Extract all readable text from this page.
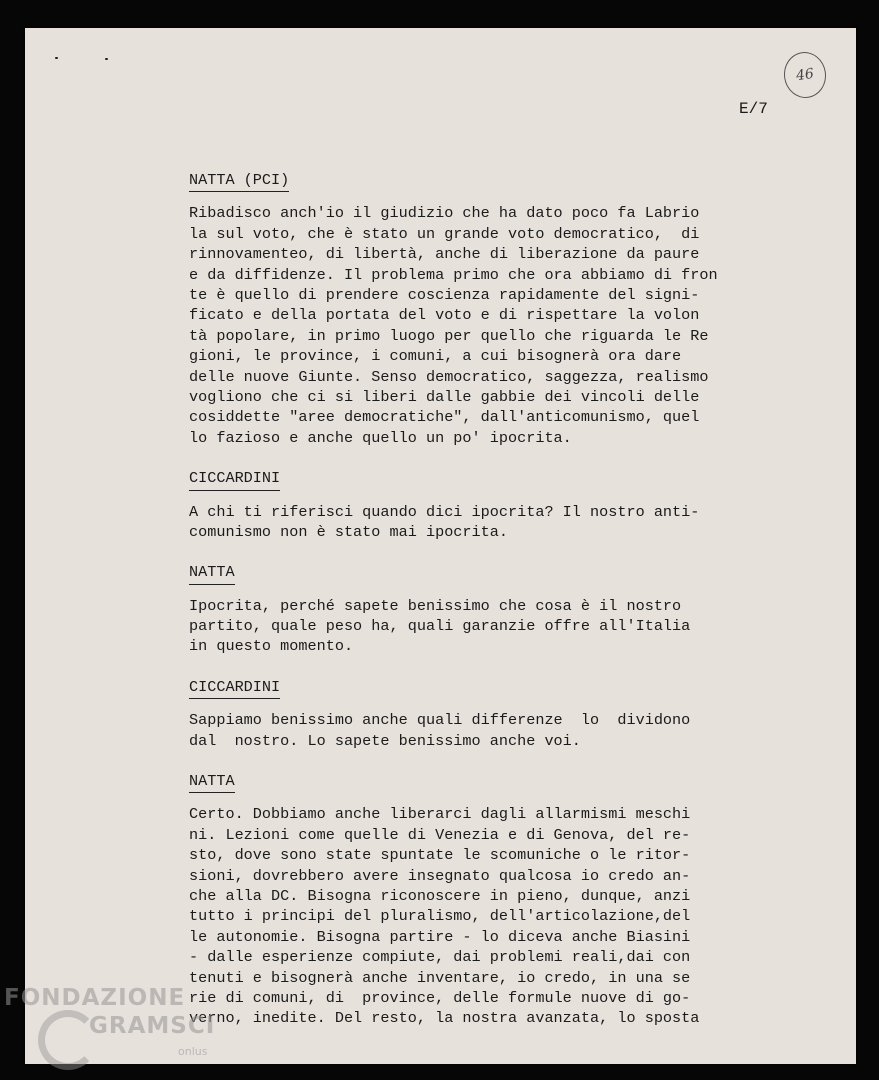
46
E/7
NATTA (PCI)
Ribadisco anch'io il giudizio che ha dato poco fa Labrio
la sul voto, che è stato un grande voto democratico,  di
rinnovamenteo, di libertà, anche di liberazione da paure
e da diffidenze. Il problema primo che ora abbiamo di fron
te è quello di prendere coscienza rapidamente del signi-
ficato e della portata del voto e di rispettare la volon
tà popolare, in primo luogo per quello che riguarda le Re
gioni, le province, i comuni, a cui bisognerà ora dare
delle nuove Giunte. Senso democratico, saggezza, realismo
vogliono che ci si liberi dalle gabbie dei vincoli delle
cosiddette "aree democratiche", dall'anticomunismo, quel
lo fazioso e anche quello un po' ipocrita.
CICCARDINI
A chi ti riferisci quando dici ipocrita? Il nostro anti-
comunismo non è stato mai ipocrita.
NATTA
Ipocrita, perché sapete benissimo che cosa è il nostro
partito, quale peso ha, quali garanzie offre all'Italia
in questo momento.
CICCARDINI
Sappiamo benissimo anche quali differenze  lo  dividono
dal  nostro. Lo sapete benissimo anche voi.
NATTA
Certo. Dobbiamo anche liberarci dagli allarmismi meschi
ni. Lezioni come quelle di Venezia e di Genova, del re-
sto, dove sono state spuntate le scomuniche o le ritor-
sioni, dovrebbero avere insegnato qualcosa io credo an-
che alla DC. Bisogna riconoscere in pieno, dunque, anzi
tutto i principi del pluralismo, dell'articolazione,del
le autonomie. Bisogna partire - lo diceva anche Biasini
- dalle esperienze compiute, dai problemi reali,dai con
tenuti e bisognerà anche inventare, io credo, in una se
rie di comuni, di  province, delle formule nuove di go-
verno, inedite. Del resto, la nostra avanzata, lo sposta
FONDAZIONE
GRAMSCI
onlus
